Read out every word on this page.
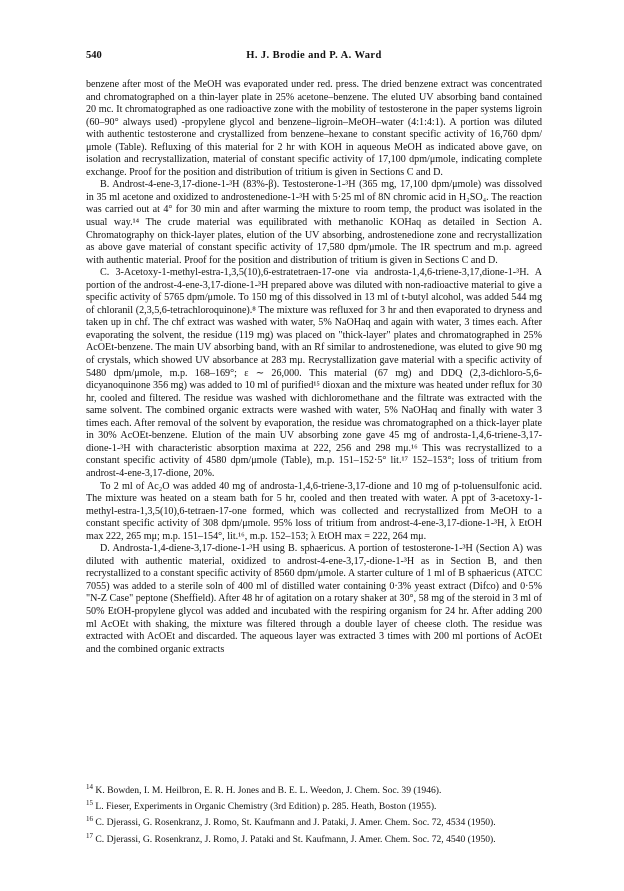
540	H. J. Brodie and P. A. Ward

benzene after most of the MeOH was evaporated under red. press. The dried benzene extract was concentrated and chromatographed on a thin-layer plate in 25% acetone–benzene. The eluted UV absorbing band contained 20 mc. It chromatographed as one radioactive zone with the mobility of testosterone in the paper systems ligroin (60–90° always used) -propylene glycol and benzene–ligroin–MeOH–water (4:1:4:1). A portion was diluted with authentic testosterone and crystallized from benzene–hexane to constant specific activity of 16,760 dpm/μmole (Table). Refluxing of this material for 2 hr with KOH in aqueous MeOH as indicated above gave, on isolation and recrystallization, material of constant specific activity of 17,100 dpm/μmole, indicating complete exchange. Proof for the position and distribution of tritium is given in Sections C and D.

B. Androst-4-ene-3,17-dione-1-³H (83%-β). Testosterone-1-³H (365 mg, 17,100 dpm/μmole) was dissolved in 35 ml acetone and oxidized to androstenedione-1-³H with 5·25 ml of 8N chromic acid in H₂SO₄. The reaction was carried out at 4° for 30 min and after warming the mixture to room temp, the product was isolated in the usual way.¹⁴ The crude material was equilibrated with methanolic KOHaq as detailed in Section A. Chromatography on thick-layer plates, elution of the UV absorbing, androstenedione zone and recrystallization as above gave material of constant specific activity of 17,580 dpm/μmole. The IR spectrum and m.p. agreed with authentic material. Proof for the position and distribution of tritium is given in Sections C and D.

C. 3-Acetoxy-1-methyl-estra-1,3,5(10),6-estratetraen-17-one via androsta-1,4,6-triene-3,17,dione-1-³H. A portion of the androst-4-ene-3,17-dione-1-³H prepared above was diluted with non-radioactive material to give a specific activity of 5765 dpm/μmole. To 150 mg of this dissolved in 13 ml of t-butyl alcohol, was added 544 mg of chloranil (2,3,5,6-tetrachloroquinone).⁸ The mixture was refluxed for 3 hr and then evaporated to dryness and taken up in chf. The chf extract was washed with water, 5% NaOHaq and again with water, 3 times each. After evaporating the solvent, the residue (119 mg) was placed on "thick-layer" plates and chromatographed in 25% AcOEt-benzene. The main UV absorbing band, with an Rf similar to androstenedione, was eluted to give 90 mg of crystals, which showed UV absorbance at 283 mμ. Recrystallization gave material with a specific activity of 5480 dpm/μmole, m.p. 168–169°; ε ∼ 26,000. This material (67 mg) and DDQ (2,3-dichloro-5,6-dicyanoquinone 356 mg) was added to 10 ml of purified¹⁵ dioxan and the mixture was heated under reflux for 30 hr, cooled and filtered. The residue was washed with dichloromethane and the filtrate was extracted with the same solvent. The combined organic extracts were washed with water, 5% NaOHaq and finally with water 3 times each. After removal of the solvent by evaporation, the residue was chromatographed on a thick-layer plate in 30% AcOEt-benzene. Elution of the main UV absorbing zone gave 45 mg of androsta-1,4,6-triene-3,17-dione-1-³H with characteristic absorption maxima at 222, 256 and 298 mμ.¹⁶ This was recrystallized to a constant specific activity of 4580 dpm/μmole (Table), m.p. 151–152·5° lit.¹⁷ 152–153°; loss of tritium from androst-4-ene-3,17-dione, 20%.

To 2 ml of Ac₂O was added 40 mg of androsta-1,4,6-triene-3,17-dione and 10 mg of p-toluensulfonic acid. The mixture was heated on a steam bath for 5 hr, cooled and then treated with water. A ppt of 3-acetoxy-1-methyl-estra-1,3,5(10),6-tetraen-17-one formed, which was collected and recrystallized from MeOH to a constant specific activity of 308 dpm/μmole. 95% loss of tritium from androst-4-ene-3,17-dione-1-³H, λ EtOH max 222, 265 mμ; m.p. 151–154°, lit.¹⁶, m.p. 152–153; λ EtOH max = 222, 264 mμ.

D. Androsta-1,4-diene-3,17-dione-1-³H using B. sphaericus. A portion of testosterone-1-³H (Section A) was diluted with authentic material, oxidized to androst-4-ene-3,17,-dione-1-³H as in Section B, and then recrystallized to a constant specific activity of 8560 dpm/μmole. A starter culture of 1 ml of B sphaericus (ATCC 7055) was added to a sterile soln of 400 ml of distilled water containing 0·3% yeast extract (Difco) and 0·5% "N-Z Case" peptone (Sheffield). After 48 hr of agitation on a rotary shaker at 30°, 58 mg of the steroid in 3 ml of 50% EtOH-propylene glycol was added and incubated with the respiring organism for 24 hr. After adding 200 ml AcOEt with shaking, the mixture was filtered through a double layer of cheese cloth. The residue was extracted with AcOEt and discarded. The aqueous layer was extracted 3 times with 200 ml portions of AcOEt and the combined organic extracts

$^{14}$ K. Bowden, I. M. Heilbron, E. R. H. Jones and B. E. L. Weedon, J. Chem. Soc. 39 (1946).
$^{15}$ L. Fieser, Experiments in Organic Chemistry (3rd Edition) p. 285. Heath, Boston (1955).
$^{16}$ C. Djerassi, G. Rosenkranz, J. Romo, St. Kaufmann and J. Pataki, J. Amer. Chem. Soc. 72, 4534 (1950).
$^{17}$ C. Djerassi, G. Rosenkranz, J. Romo, J. Pataki and St. Kaufmann, J. Amer. Chem. Soc. 72, 4540 (1950).
